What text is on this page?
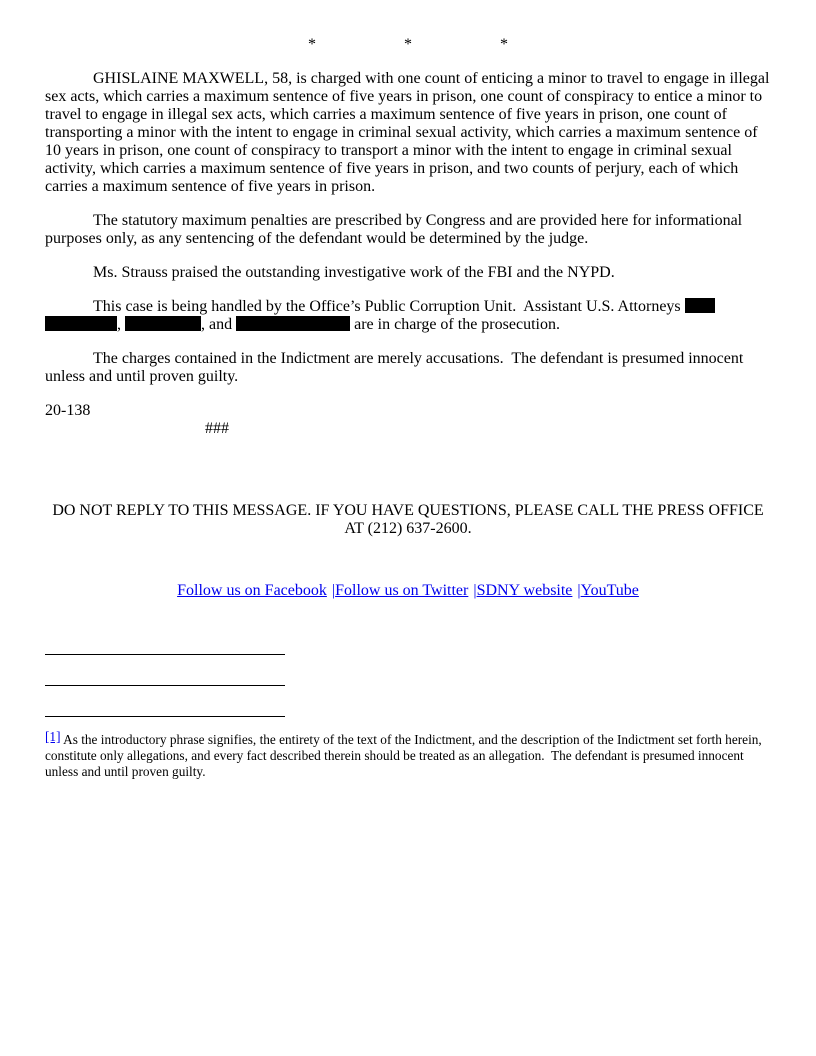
*	*	*

GHISLAINE MAXWELL, 58, is charged with one count of enticing a minor to travel to engage in illegal sex acts, which carries a maximum sentence of five years in prison, one count of conspiracy to entice a minor to travel to engage in illegal sex acts, which carries a maximum sentence of five years in prison, one count of transporting a minor with the intent to engage in criminal sexual activity, which carries a maximum sentence of 10 years in prison, one count of conspiracy to transport a minor with the intent to engage in criminal sexual activity, which carries a maximum sentence of five years in prison, and two counts of perjury, each of which carries a maximum sentence of five years in prison.

The statutory maximum penalties are prescribed by Congress and are provided here for informational purposes only, as any sentencing of the defendant would be determined by the judge.

Ms. Strauss praised the outstanding investigative work of the FBI and the NYPD.

This case is being handled by the Office’s Public Corruption Unit.  Assistant U.S. Attorneys ,	, and	are in charge of the prosecution.

The charges contained in the Indictment are merely accusations.  The defendant is presumed innocent unless and until proven guilty.

20-138

###

DO NOT REPLY TO THIS MESSAGE. IF YOU HAVE QUESTIONS, PLEASE CALL THE PRESS OFFICE AT (212) 637-2600.

Follow us on Facebook |Follow us on Twitter |SDNY website |YouTube

[1] As the introductory phrase signifies, the entirety of the text of the Indictment, and the description of the Indictment set forth herein, constitute only allegations, and every fact described therein should be treated as an allegation.  The defendant is presumed innocent unless and until proven guilty.
